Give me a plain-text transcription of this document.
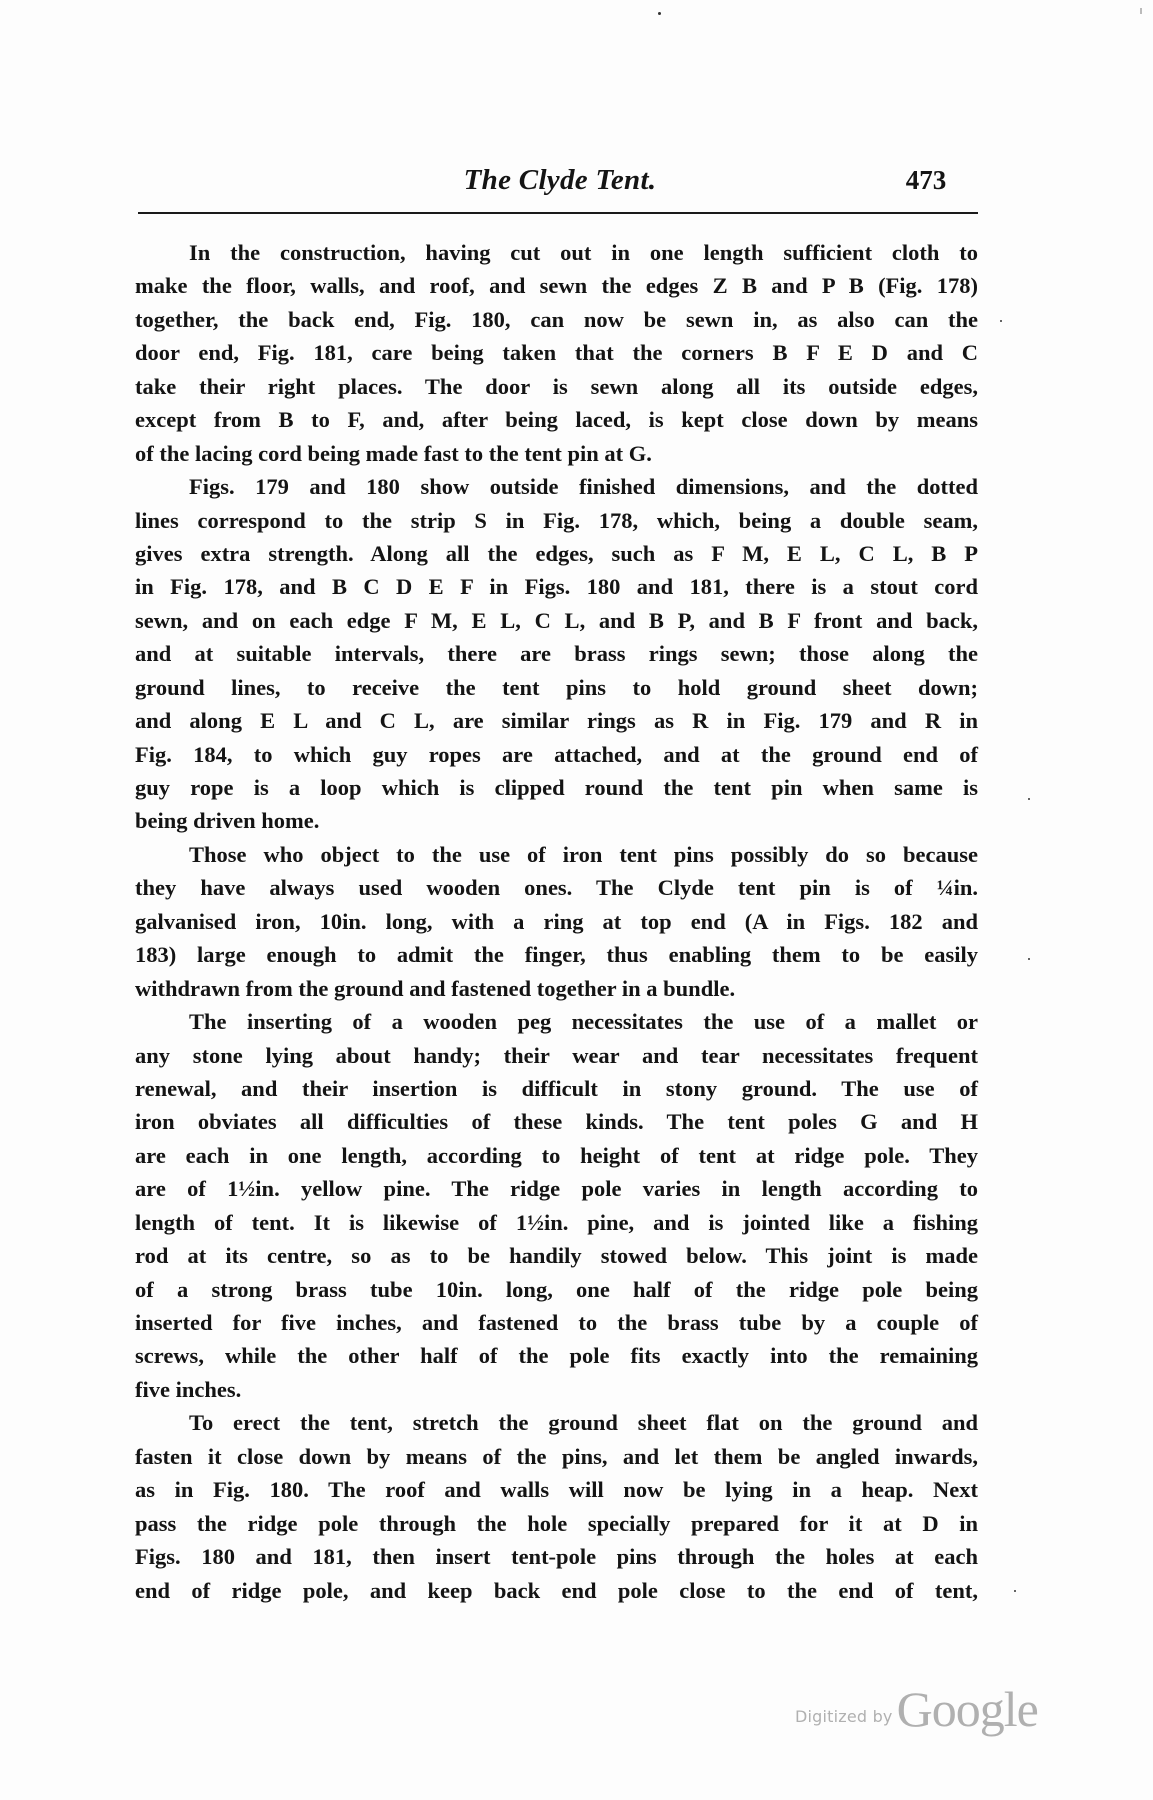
The Clyde Tent.	473
In the construction, having cut out in one length sufficient cloth to
make the floor, walls, and roof, and sewn the edges Z B and P B (Fig. 178)
together, the back end, Fig. 180, can now be sewn in, as also can the
door end, Fig. 181, care being taken that the corners B F E D and C
take their right places. The door is sewn along all its outside edges,
except from B to F, and, after being laced, is kept close down by means
of the lacing cord being made fast to the tent pin at G.
Figs. 179 and 180 show outside finished dimensions, and the dotted
lines correspond to the strip S in Fig. 178, which, being a double seam,
gives extra strength. Along all the edges, such as F M, E L, C L, B P
in Fig. 178, and B C D E F in Figs. 180 and 181, there is a stout cord
sewn, and on each edge F M, E L, C L, and B P, and B F front and back,
and at suitable intervals, there are brass rings sewn; those along the
ground lines, to receive the tent pins to hold ground sheet down;
and along E L and C L, are similar rings as R in Fig. 179 and R in
Fig. 184, to which guy ropes are attached, and at the ground end of
guy rope is a loop which is clipped round the tent pin when same is
being driven home.
Those who object to the use of iron tent pins possibly do so because
they have always used wooden ones. The Clyde tent pin is of ¼in.
galvanised iron, 10in. long, with a ring at top end (A in Figs. 182 and
183) large enough to admit the finger, thus enabling them to be easily
withdrawn from the ground and fastened together in a bundle.
The inserting of a wooden peg necessitates the use of a mallet or
any stone lying about handy; their wear and tear necessitates frequent
renewal, and their insertion is difficult in stony ground. The use of
iron obviates all difficulties of these kinds. The tent poles G and H
are each in one length, according to height of tent at ridge pole. They
are of 1½in. yellow pine. The ridge pole varies in length according to
length of tent. It is likewise of 1½in. pine, and is jointed like a fishing
rod at its centre, so as to be handily stowed below. This joint is made
of a strong brass tube 10in. long, one half of the ridge pole being
inserted for five inches, and fastened to the brass tube by a couple of
screws, while the other half of the pole fits exactly into the remaining
five inches.
To erect the tent, stretch the ground sheet flat on the ground and
fasten it close down by means of the pins, and let them be angled inwards,
as in Fig. 180. The roof and walls will now be lying in a heap. Next
pass the ridge pole through the hole specially prepared for it at D in
Figs. 180 and 181, then insert tent-pole pins through the holes at each
end of ridge pole, and keep back end pole close to the end of tent,
Digitized by Google
